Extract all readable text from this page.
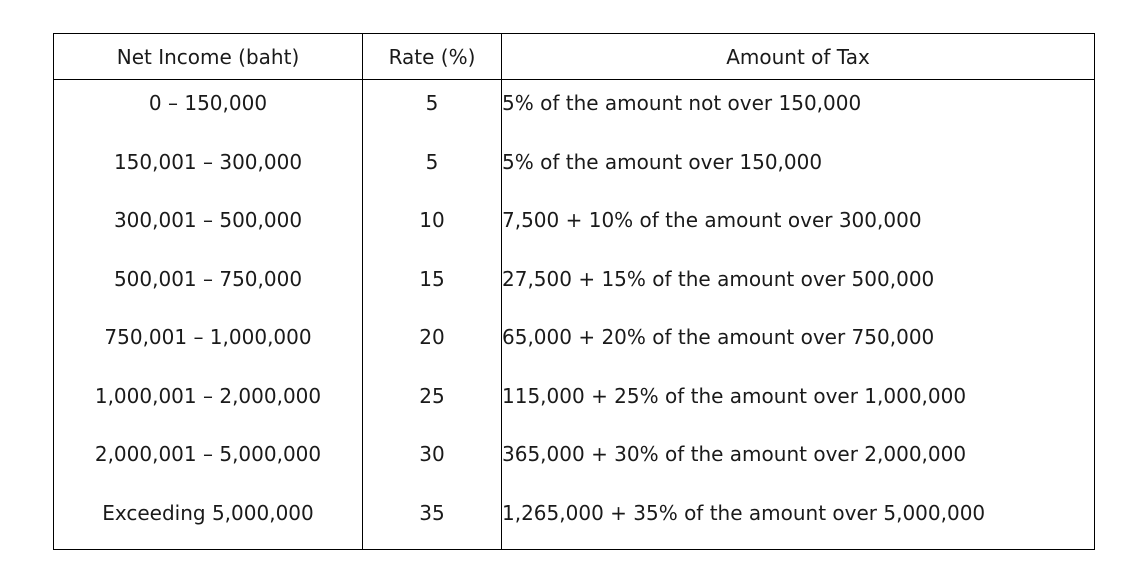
Net Income (baht)	Rate (%)	Amount of Tax
0 – 150,000	5	5% of the amount not over 150,000
150,001 – 300,000	5	5% of the amount over 150,000
300,001 – 500,000	10	7,500 + 10% of the amount over 300,000
500,001 – 750,000	15	27,500 + 15% of the amount over 500,000
750,001 – 1,000,000	20	65,000 + 20% of the amount over 750,000
1,000,001 – 2,000,000	25	115,000 + 25% of the amount over 1,000,000
2,000,001 – 5,000,000	30	365,000 + 30% of the amount over 2,000,000
Exceeding 5,000,000	35	1,265,000 + 35% of the amount over 5,000,000
